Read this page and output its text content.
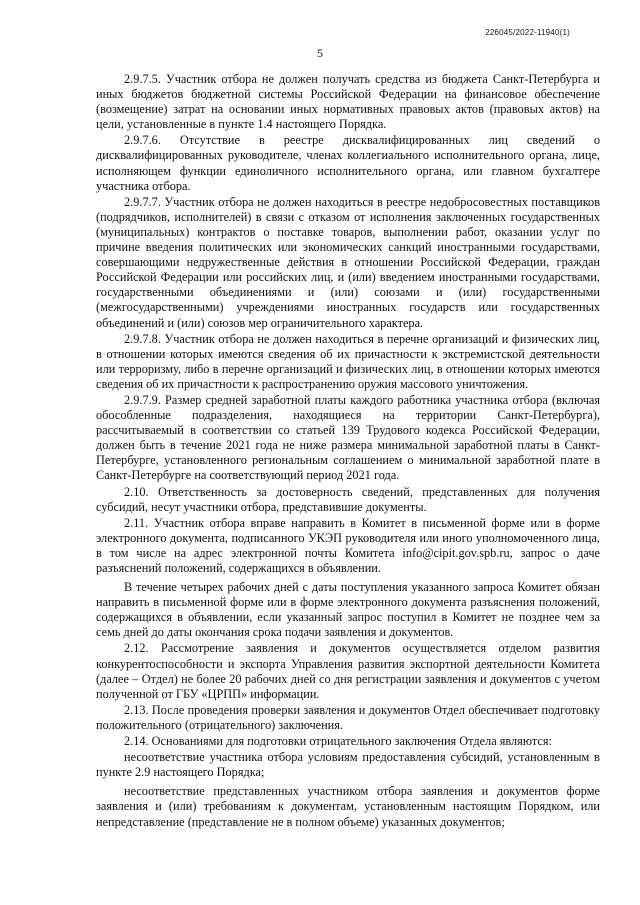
226045/2022-11940(1)
5

2.9.7.5. Участник отбора не должен получать средства из бюджета Санкт-Петербурга и иных бюджетов бюджетной системы Российской Федерации на финансовое обеспечение (возмещение) затрат на основании иных нормативных правовых актов (правовых актов) на цели, установленные в пункте 1.4 настоящего Порядка.

2.9.7.6. Отсутствие в реестре дисквалифицированных лиц сведений о дисквалифицированных руководителе, членах коллегиального исполнительного органа, лице, исполняющем функции единоличного исполнительного органа, или главном бухгалтере участника отбора.

2.9.7.7. Участник отбора не должен находиться в реестре недобросовестных поставщиков (подрядчиков, исполнителей) в связи с отказом от исполнения заключенных государственных (муниципальных) контрактов о поставке товаров, выполнении работ, оказании услуг по причине введения политических или экономических санкций иностранными государствами, совершающими недружественные действия в отношении Российской Федерации, граждан Российской Федерации или российских лиц, и (или) введением иностранными государствами, государственными объединениями и (или) союзами и (или) государственными (межгосударственными) учреждениями иностранных государств или государственных объединений и (или) союзов мер ограничительного характера.

2.9.7.8. Участник отбора не должен находиться в перечне организаций и физических лиц, в отношении которых имеются сведения об их причастности к экстремистской деятельности или терроризму, либо в перечне организаций и физических лиц, в отношении которых имеются сведения об их причастности к распространению оружия массового уничтожения.

2.9.7.9. Размер средней заработной платы каждого работника участника отбора (включая обособленные подразделения, находящиеся на территории Санкт-Петербурга), рассчитываемый в соответствии со статьей 139 Трудового кодекса Российской Федерации, должен быть в течение 2021 года не ниже размера минимальной заработной платы в Санкт-Петербурге, установленного региональным соглашением о минимальной заработной плате в Санкт-Петербурге на соответствующий период 2021 года.

2.10. Ответственность за достоверность сведений, представленных для получения субсидий, несут участники отбора, представившие документы.

2.11. Участник отбора вправе направить в Комитет в письменной форме или в форме электронного документа, подписанного УКЭП руководителя или иного уполномоченного лица, в том числе на адрес электронной почты Комитета info@cipit.gov.spb.ru, запрос о даче разъяснений положений, содержащихся в объявлении.

В течение четырех рабочих дней с даты поступления указанного запроса Комитет обязан направить в письменной форме или в форме электронного документа разъяснения положений, содержащихся в объявлении, если указанный запрос поступил в Комитет не позднее чем за семь дней до даты окончания срока подачи заявления и документов.

2.12. Рассмотрение заявления и документов осуществляется отделом развития конкурентоспособности и экспорта Управления развития экспортной деятельности Комитета (далее – Отдел) не более 20 рабочих дней со дня регистрации заявления и документов с учетом полученной от ГБУ «ЦРПП» информации.

2.13. После проведения проверки заявления и документов Отдел обеспечивает подготовку положительного (отрицательного) заключения.

2.14. Основаниями для подготовки отрицательного заключения Отдела являются:

несоответствие участника отбора условиям предоставления субсидий, установленным в пункте 2.9 настоящего Порядка;

несоответствие представленных участником отбора заявления и документов форме заявления и (или) требованиям к документам, установленным настоящим Порядком, или непредставление (представление не в полном объеме) указанных документов;
